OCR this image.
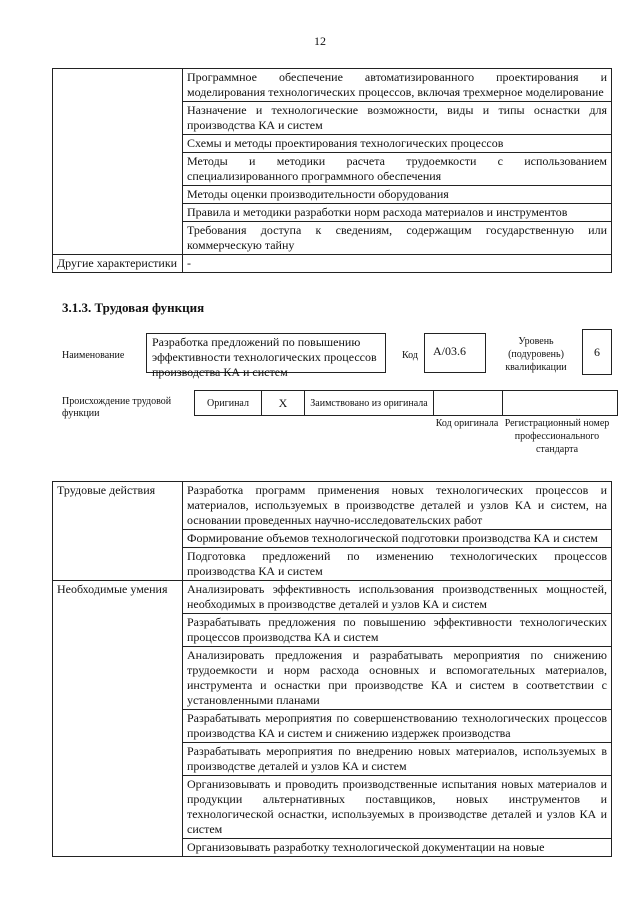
12
	Программное обеспечение автоматизированного проектирования и моделирования технологических процессов, включая трехмерное моделирование
	Назначение и технологические возможности, виды и типы оснастки для производства КА и систем
	Схемы и методы проектирования технологических процессов
	Методы и методики расчета трудоемкости с использованием специализированного программного обеспечения
	Методы оценки производительности оборудования
	Правила и методики разработки норм расхода материалов и инструментов
	Требования доступа к сведениям, содержащим государственную или коммерческую тайну
Другие характеристики	-
3.1.3. Трудовая функция
Наименование
Разработка предложений по повышению эффективности технологических процессов производства КА и систем
Код	A/03.6
Уровень (подуровень) квалификации
6
Происхождение трудовой функции
Оригинал	X	Заимствовано из оригинала		
Код оригинала Регистрационный номер профессионального стандарта
Трудовые действия	Разработка программ применения новых технологических процессов и материалов, используемых в производстве деталей и узлов КА и систем, на основании проведенных научно-исследовательских работ
	Формирование объемов технологической подготовки производства КА и систем
	Подготовка предложений по изменению технологических процессов производства КА и систем
Необходимые умения	Анализировать эффективность использования производственных мощностей, необходимых в производстве деталей и узлов КА и систем
	Разрабатывать предложения по повышению эффективности технологических процессов производства КА и систем
	Анализировать предложения и разрабатывать мероприятия по снижению трудоемкости и норм расхода основных и вспомогательных материалов, инструмента и оснастки при производстве КА и систем в соответствии с установленными планами
	Разрабатывать мероприятия по совершенствованию технологических процессов производства КА и систем и снижению издержек производства
	Разрабатывать мероприятия по внедрению новых материалов, используемых в производстве деталей и узлов КА и систем
	Организовывать и проводить производственные испытания новых материалов и продукции альтернативных поставщиков, новых инструментов и технологической оснастки, используемых в производстве деталей и узлов КА и систем
	Организовывать разработку технологической документации на новые
